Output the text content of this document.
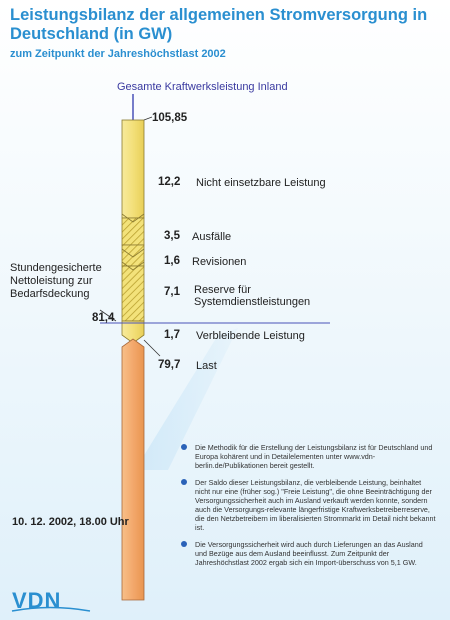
Leistungsbilanz der allgemeinen Stromversorgung in Deutschland (in GW)
zum Zeitpunkt der Jahreshöchstlast 2002
Gesamte Kraftwerksleistung Inland
105,85
12,2 Nicht einsetzbare Leistung
3,5 Ausfälle
1,6 Revisionen
7,1 Reserve für Systemdienstleistungen
1,7 Verbleibende Leistung
79,7 Last
Stundengesicherte Nettoleistung zur Bedarfsdeckung
81,4
10. 12. 2002, 18.00 Uhr
Die Methodik für die Erstellung der Leistungsbilanz ist für Deutschland und Europa kohärent und in Detailelementen unter www.vdn-berlin.de/Publikationen bereit gestellt.
Der Saldo dieser Leistungsbilanz, die verbleibende Leistung, beinhaltet nicht nur eine (früher sog.) "Freie Leistung", die ohne Beeinträchtigung der Versorgungssicherheit auch im Ausland verkauft werden konnte, sondern auch die Versorgungs-relevante längerfristige Kraftwerksbetreiberreserve, die den Netzbetreibern im liberalisierten Strommarkt im Detail nicht bekannt ist.
Die Versorgungssicherheit wird auch durch Lieferungen an das Ausland und Bezüge aus dem Ausland beeinflusst. Zum Zeitpunkt der Jahreshöchstlast 2002 ergab sich ein Import-überschuss von 5,1 GW.
VDN
